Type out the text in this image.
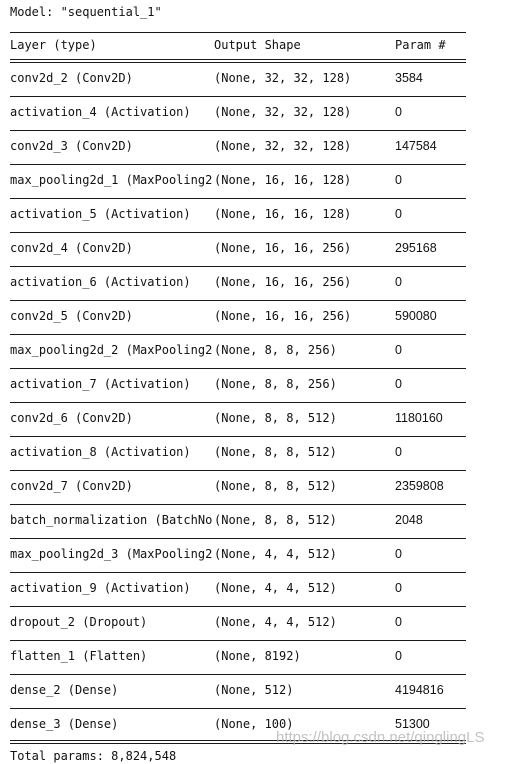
Model: "sequential_1"
Layer (type)	Output Shape	Param #
conv2d_2 (Conv2D)	(None, 32, 32, 128)	3584
activation_4 (Activation)	(None, 32, 32, 128)	0
conv2d_3 (Conv2D)	(None, 32, 32, 128)	147584
max_pooling2d_1 (MaxPooling2 (None, 16, 16, 128)	0
activation_5 (Activation)	(None, 16, 16, 128)	0
conv2d_4 (Conv2D)	(None, 16, 16, 256)	295168
activation_6 (Activation)	(None, 16, 16, 256)	0
conv2d_5 (Conv2D)	(None, 16, 16, 256)	590080
max_pooling2d_2 (MaxPooling2 (None, 8, 8, 256)	0
activation_7 (Activation)	(None, 8, 8, 256)	0
conv2d_6 (Conv2D)	(None, 8, 8, 512)	1180160
activation_8 (Activation)	(None, 8, 8, 512)	0
conv2d_7 (Conv2D)	(None, 8, 8, 512)	2359808
batch_normalization (BatchNo (None, 8, 8, 512)	2048
max_pooling2d_3 (MaxPooling2 (None, 4, 4, 512)	0
activation_9 (Activation)	(None, 4, 4, 512)	0
dropout_2 (Dropout)	(None, 4, 4, 512)	0
flatten_1 (Flatten)	(None, 8192)	0
dense_2 (Dense)	(None, 512)	4194816
dense_3 (Dense)	(None, 100)	51300
Total params: 8,824,548
https://blog.csdn.net/qinglingLS
